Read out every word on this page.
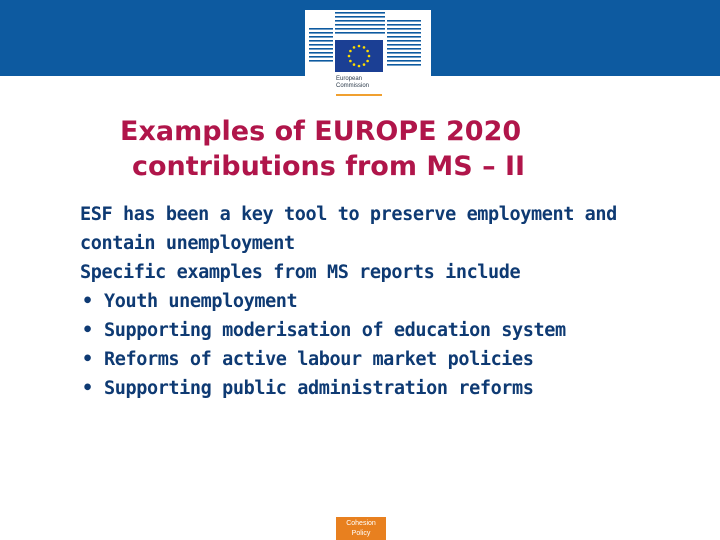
European
Commission
Examples of EUROPE 2020
contributions from MS – II
ESF has been a key tool to preserve employment and
contain unemployment
Specific examples from MS reports include
• Youth unemployment
• Supporting moderisation of education system
• Reforms of active labour market policies
• Supporting public administration reforms
Cohesion
Policy
